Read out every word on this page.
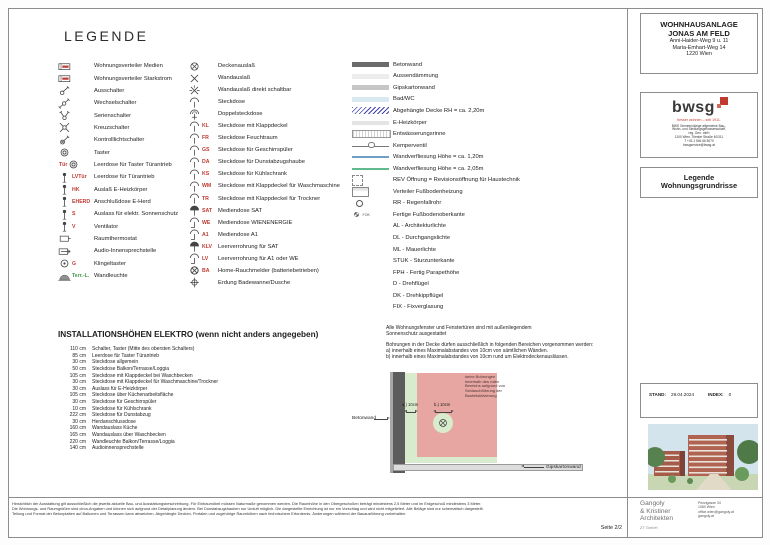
LEGENDE
Wohnungsverteiler Medien
Wohnungsverteiler Starkstrom
Ausschalter
Wechselschalter
Serienschalter
Kreuzschalter
Kontrolllichtschalter
Taster
Tür	Leerdose für Taster Türantrieb
LVTür Leerdose für Türantrieb
HK	Auslaß E-Heizkörper
EHERD Anschlußdose E-Herd
S	Auslass für elektr. Sonnenschutz
V	Ventilator
Raumthermostat
Audio-Innensprechstelle
G	Klingeltaster
Terr.-L. Wandleuchte
Deckenauslaß
Wandauslaß
Wandauslaß direkt schaltbar
Steckdose
Doppelsteckdose
KL Steckdose mit Klappdeckel
FR Steckdose Feuchtraum
GS Steckdose für Geschirrspüler
DA Steckdose für Dunstabzugshaube
KS Steckdose für Kühlschrank
WM Steckdose mit Klappdeckel für Waschmaschine
TR Steckdose mit Klappdeckel für Trockner
SAT Mediendose SAT
WE Mediendose WIENENERGIE
A1 Mediendose A1
KLV Leerverrohrung für SAT
LV Leerverrohrung für A1 oder WE
BA Home-Rauchmelder (batteriebetrieben)
Erdung Badewanne/Dusche
Betonwand
Aussendämmung
Gipskartonwand
Bad/WC
Abgehängte Decke RH = ca. 2,20m
E-Heizkörper
Entwässerungsrinne
Kemperventil
Wandverfliesung Höhe = ca. 1,20m
Wandverfliesung Höhe = ca. 2,05m
REV Öffnung = Revisionsöffnung für Haustechnik
Verteiler Fußbodenheizung
RR - Regenfallrohr
FOK	Fertige Fußbodenoberkante
AL - Architekturlichte
DL - Durchgangslichte
ML - Mauerlichte
STUK - Sturzunterkante
FPH - Fertig Parapethöhe
D - Drehflügel
DK - Drehkippflügel
FIX - Fixverglasung
Alle Wohnungsfenster und Fenstertüren sind mit außenliegendem
Sonnenschutz ausgestattet
Bohrungen in der Decke dürfen ausschließlich in folgenden Bereichen vorgenommen werden:
a) innerhalb eines Maximalabstandes von 10cm von sämtlichen Wänden.
b) innerhalb eines Maximalabstandes von 10cm rund um Elektrodeckenauslässen.
INSTALLATIONSHÖHEN ELEKTRO (wenn nicht anders angegeben)
110 cm Schalter, Taster (Mitte des obersten Schalters)
85 cm Leerdose für Taster Türantrieb
30 cm Steckdose allgemein
50 cm Steckdose Balkon/Terrasse/Loggia
105 cm Steckdose mit Klappdeckel bei Waschbecken
30 cm Steckdose mit Klappdeckel für Waschmaschine/Trockner
30 cm Auslass für E-Heizkörper
105 cm Steckdose über Küchenarbeitsfläche
30 cm Steckdose für Geschirrspüler
10 cm Steckdose für Kühlschrank
222 cm Steckdose für Dunstabzug
30 cm Herdanschlussdose
160 cm Wandauslass Küche
165 cm Wandauslass über Waschbecken
220 cm Wandleuchte Balkon/Terrasse/Loggia
140 cm Audioinnensprechstelle
keine Bohrungen innerhalb des roten Bereichs aufgrund von Schlauchführung der Bauteilaktivierung
Betonwand
Gipskartonwand
a.) 10cm	b.) 10cm
WOHNHAUSANLAGE
JONAS AM FELD
Anni-Haider-Weg 9 u. 11
Maria-Emhart-Weg 14
1220 Wien
bwsg
besser wohnen – seit 1911.
BWS Gemeinnützige allgemeine Bau-,
Wohn- und Siedlungsgenossenschaft,
reg. Gen. mbH
1100 Wien, Triester Straße 40/311
T +43 1 546 66 5070
bwsgservice@bwsg.at
Legende
Wohnungsgrundrisse
STAND: 29.04.2024	INDEX: 0
Gangoly
& Kristiner
Architekten
ZT GmbH
Pezzlgasse 34
1080 Wien
office.wien@gangoly.at
gangoly.at
Hinsichtlich der Ausstattung gilt ausschließlich die jeweils aktuelle Bau- und Ausstattungsbeschreibung. Für Einbaumöbel müssen Naturmaße genommen werden. Die Raumhöhe in den Obergeschoßen beträgt mindestens 2,5 Meter und im Erdgeschoß mindestens 3 Meter.
Die Wohnungs- und Raumgrößen sind circa-Angaben und können sich aufgrund der Detailplanung ändern. Bei Dunstabzugshauben nur Umluft möglich. Die dargestellte Einrichtung ist nur ein Vorschlag und wird nicht mitgeliefert. Alle Beläge sind nur schematisch dargestellt.
Teilung und Format der Betonplatten auf Balkonen und Terrassen kann abweichen. Abgehängte Decken, Portalen und zugehörige Raumhöhen nach technischem Erfordernis. Änderungen während der Bauausführung vorbehalten.
Seite 2/2
